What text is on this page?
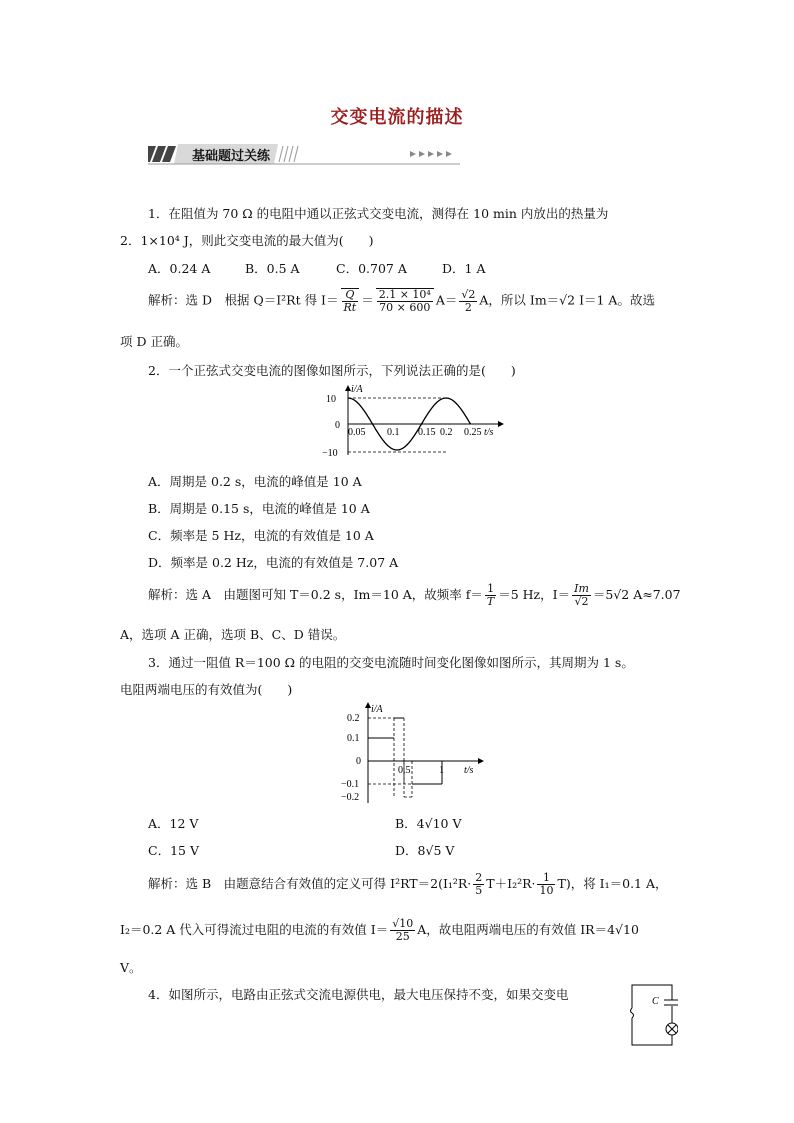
交变电流的描述
基础题过关练
1．在阻值为 70 Ω 的电阻中通以正弦式交变电流，测得在 10 min 内放出的热量为
2．1×10⁴ J，则此交变电流的最大值为(　　)
A．0.24 A	B．0.5 A	C．0.707 A	D．1 A
解析：选 D　根据 Q＝I²Rt 得 $I= \frac{Q}{Rt} = \frac{\text{2.1 × 10⁴}}{70 \times 600} A= \frac{√2}{2}$ A，所以 Im＝√2 I＝1 A。故选
项 D 正确。
2．一个正弦式交变电流的图像如图所示，下列说法正确的是(　　)
i/A
10
0
−10
0.05 0.1 0.15 0.2 0.25 t/s
A．周期是 0.2 s，电流的峰值是 10 A
B．周期是 0.15 s，电流的峰值是 10 A
C．频率是 5 Hz，电流的有效值是 10 A
D．频率是 0.2 Hz，电流的有效值是 7.07 A
解析：选 A　由题图可知 T＝0.2 s，Im＝10 A，故频率 $f= \frac{1}{T} =5$ Hz，$I= \frac{Im}{√2} =5√2$ A≈7.07
A，选项 A 正确，选项 B、C、D 错误。
3．通过一阻值 R＝100 Ω 的电阻的交变电流随时间变化图像如图所示，其周期为 1 s。
电阻两端电压的有效值为(　　)
i/A
0.2
0.1
0
−0.1
−0.2
0.5	1 t/s
A．12 V	B．4√10 V
C．15 V	D．8√5 V
解析：选 B　由题意结合有效值的定义可得 $I^2RT=2(I_1^2R\cdot \frac{2}{5} T+I_2^2R\cdot \frac{1}{10} T)$，将 I₁＝0.1 A，
I₂＝0.2 A 代入可得流过电阻的电流的有效值 $I= \frac{√10}{25}$ A，故电阻两端电压的有效值 IR＝4√10
V。
4．如图所示，电路由正弦式交流电源供电，最大电压保持不变，如果交变电	C
